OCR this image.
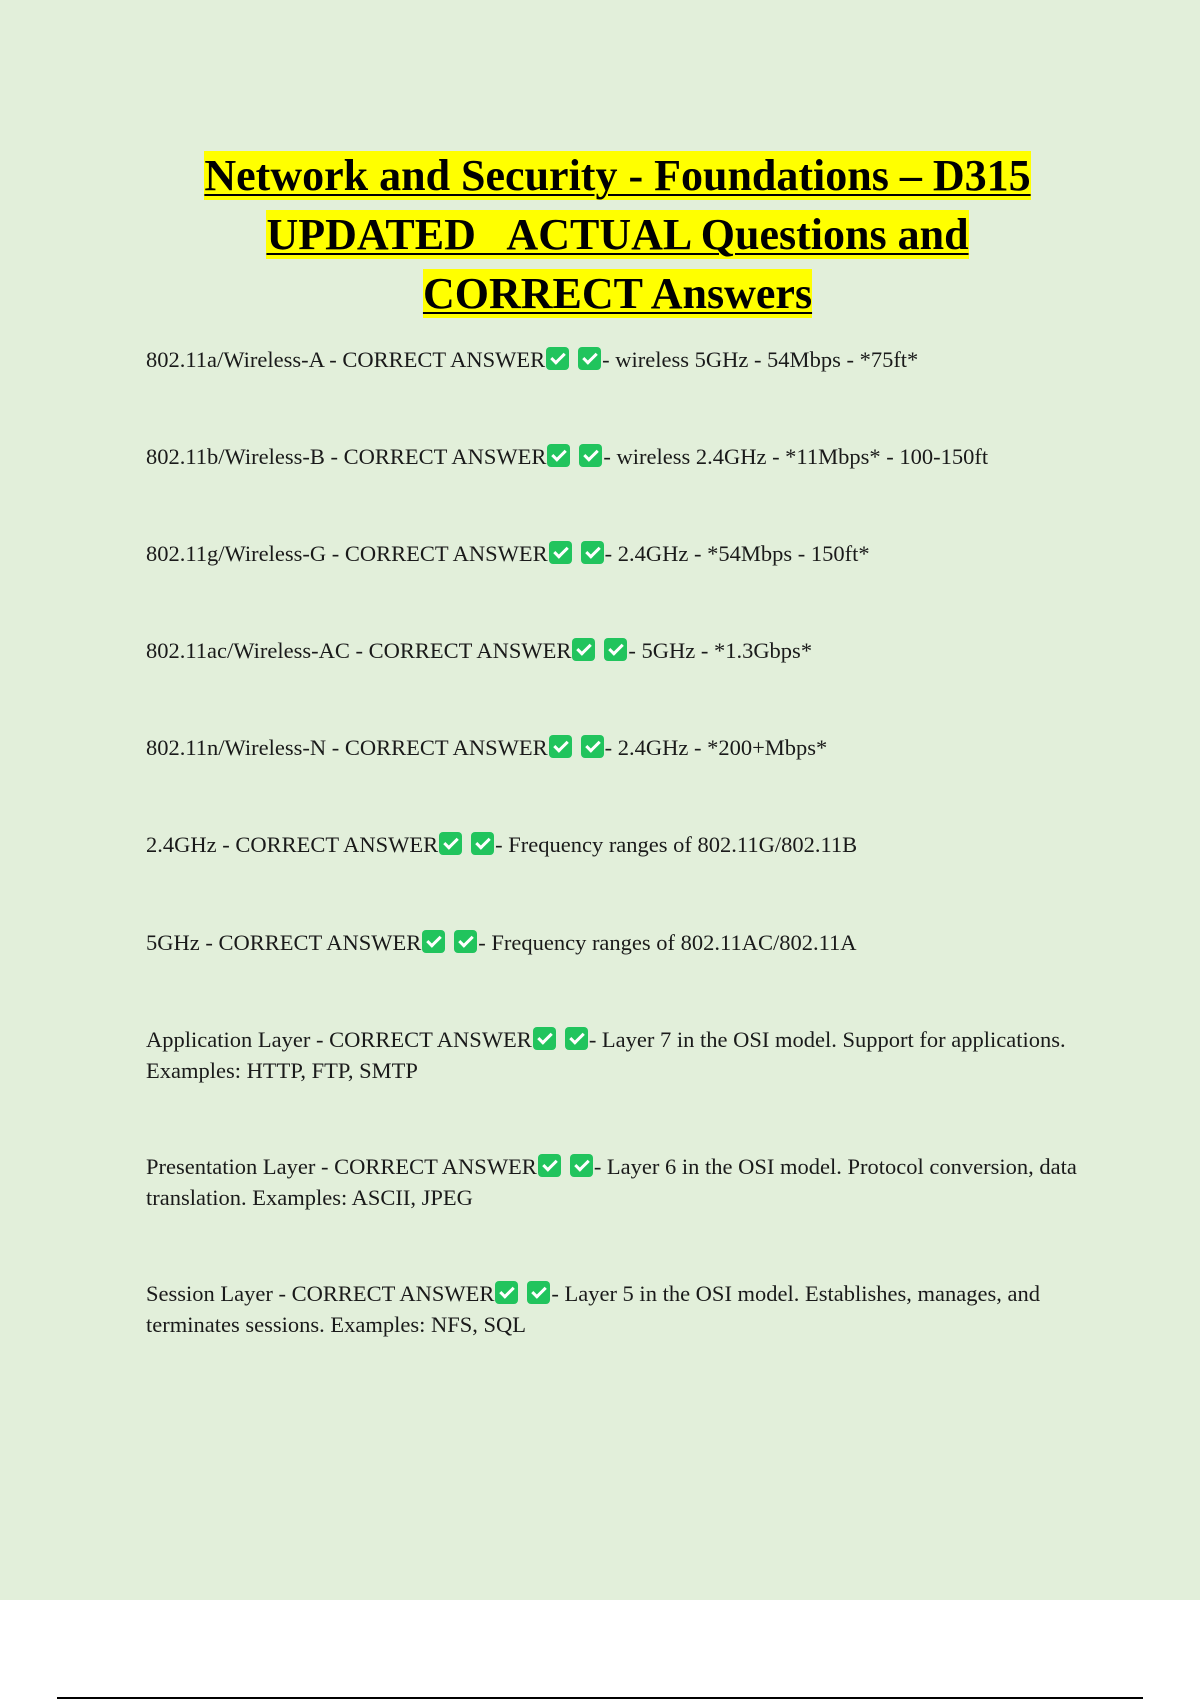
Network and Security - Foundations – D315
UPDATED   ACTUAL Questions and
CORRECT Answers

802.11a/Wireless-A - CORRECT ANSWER	- wireless 5GHz - 54Mbps - *75ft*

802.11b/Wireless-B - CORRECT ANSWER	- wireless 2.4GHz - *11Mbps* - 100-150ft

802.11g/Wireless-G - CORRECT ANSWER	- 2.4GHz - *54Mbps - 150ft*

802.11ac/Wireless-AC - CORRECT ANSWER	- 5GHz - *1.3Gbps*

802.11n/Wireless-N - CORRECT ANSWER	- 2.4GHz - *200+Mbps*

2.4GHz - CORRECT ANSWER	- Frequency ranges of 802.11G/802.11B

5GHz - CORRECT ANSWER	- Frequency ranges of 802.11AC/802.11A

Application Layer - CORRECT ANSWER	- Layer 7 in the OSI model. Support for applications. Examples: HTTP, FTP, SMTP

Presentation Layer - CORRECT ANSWER	- Layer 6 in the OSI model. Protocol conversion, data translation. Examples: ASCII, JPEG

Session Layer - CORRECT ANSWER	- Layer 5 in the OSI model. Establishes, manages, and terminates sessions. Examples: NFS, SQL
